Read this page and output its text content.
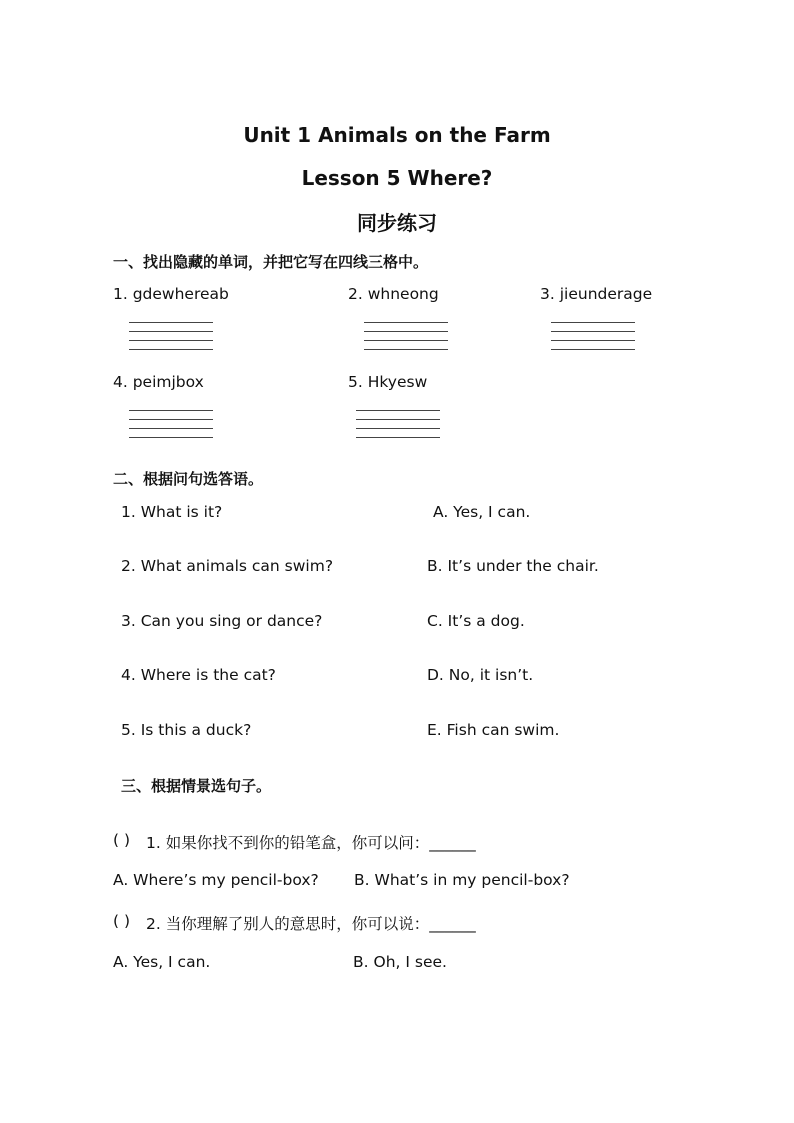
Unit 1 Animals on the Farm
Lesson 5 Where?
同步练习
一、找出隐藏的单词，并把它写在四线三格中。
1. gdewhereab	2. whneong	3. jieunderage
4. peimjbox	5. Hkyesw
二、根据问句选答语。
1. What is it?	A. Yes, I can.
2. What animals can swim?	B. It’s under the chair.
3. Can you sing or dance?	C. It’s a dog.
4. Where is the cat?	D. No, it isn’t.
5. Is this a duck?	E. Fish can swim.
三、根据情景选句子。
( ) 1. 如果你找不到你的铅笔盒，你可以问：______
A. Where’s my pencil-box? B. What’s in my pencil-box?
( ) 2. 当你理解了别人的意思时，你可以说：______
A. Yes, I can.	B. Oh, I see.
